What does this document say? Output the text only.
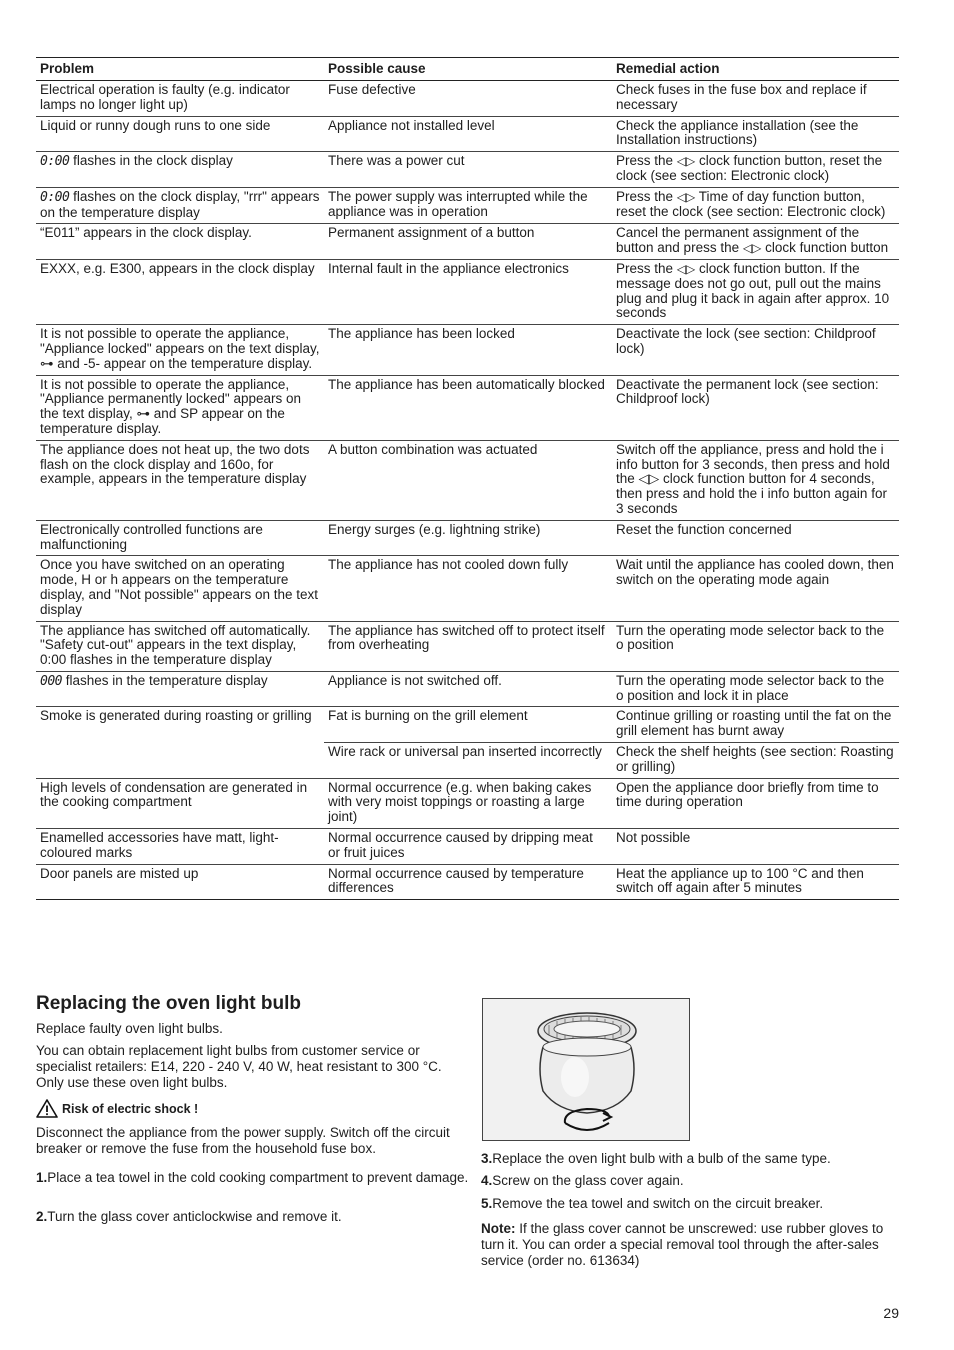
Problem	Possible cause	Remedial action
Electrical operation is faulty (e.g. indicator lamps no longer light up)	Fuse defective	Check fuses in the fuse box and replace if necessary
Liquid or runny dough runs to one side	Appliance not installed level	Check the appliance installation (see the Installation instructions)
0:00 flashes in the clock display	There was a power cut	Press the ◁▷ clock function button, reset the clock (see section: Electronic clock)
0:00 flashes on the clock display, "rrr" appears on the temperature display	The power supply was interrupted while the appliance was in operation	Press the ◁▷ Time of day function button, reset the clock (see section: Electronic clock)
“E011” appears in the clock display.	Permanent assignment of a button	Cancel the permanent assignment of the button and press the ◁▷ clock function button
EXXX, e.g. E300, appears in the clock display	Internal fault in the appliance electronics	Press the ◁▷ clock function button. If the message does not go out, pull out the mains plug and plug it back in again after approx. 10 seconds
It is not possible to operate the appliance, "Appliance locked" appears on the text display, ⊶ and -5- appear on the temperature display.	The appliance has been locked	Deactivate the lock (see section: Childproof lock)
It is not possible to operate the appliance, "Appliance permanently locked" appears on the text display, ⊶ and SP appear on the temperature display.	The appliance has been automatically blocked	Deactivate the permanent lock (see section: Childproof lock)
The appliance does not heat up, the two dots flash on the clock display and 160o, for example, appears in the temperature display	A button combination was actuated	Switch off the appliance, press and hold the i info button for 3 seconds, then press and hold the ◁▷ clock function button for 4 seconds, then press and hold the i info button again for 3 seconds
Electronically controlled functions are malfunctioning	Energy surges (e.g. lightning strike)	Reset the function concerned
Once you have switched on an operating mode, H or h appears on the temperature display, and "Not possible" appears on the text display	The appliance has not cooled down fully	Wait until the appliance has cooled down, then switch on the operating mode again
The appliance has switched off automatically. "Safety cut-out" appears in the text display, 0:00 flashes in the temperature display	The appliance has switched off to protect itself from overheating	Turn the operating mode selector back to the o position
000 flashes in the temperature display	Appliance is not switched off.	Turn the operating mode selector back to the o position and lock it in place
Smoke is generated during roasting or grilling	Fat is burning on the grill element	Continue grilling or roasting until the fat on the grill element has burnt away
	Wire rack or universal pan inserted incorrectly	Check the shelf heights (see section: Roasting or grilling)
High levels of condensation are generated in the cooking compartment	Normal occurrence (e.g. when baking cakes with very moist toppings or roasting a large joint)	Open the appliance door briefly from time to time during operation
Enamelled accessories have matt, light-coloured marks	Normal occurrence caused by dripping meat or fruit juices	Not possible
Door panels are misted up	Normal occurrence caused by temperature differences	Heat the appliance up to 100 °C and then switch off again after 5 minutes
Replacing the oven light bulb

Replace faulty oven light bulbs.

You can obtain replacement light bulbs from customer service or specialist retailers: E14, 220 - 240 V, 40 W, heat resistant to 300 °C. Only use these oven light bulbs.

Risk of electric shock !

Disconnect the appliance from the power supply. Switch off the circuit breaker or remove the fuse from the household fuse box.

1.Place a tea towel in the cold cooking compartment to prevent damage.

2.Turn the glass cover anticlockwise and remove it.

3.Replace the oven light bulb with a bulb of the same type.

4.Screw on the glass cover again.

5.Remove the tea towel and switch on the circuit breaker.

Note: If the glass cover cannot be unscrewed: use rubber gloves to turn it. You can order a special removal tool through the after-sales service (order no. 613634)

29
